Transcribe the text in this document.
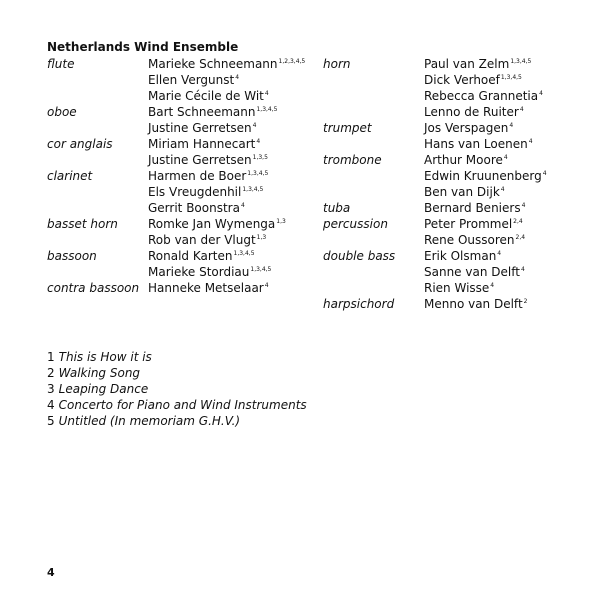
Netherlands Wind Ensemble
flute	Marieke Schneemann$^{1,2,3,4,5}$
Ellen Vergunst$^4$
Marie Cécile de Wit$^4$
oboe	Bart Schneemann$^{1,3,4,5}$
Justine Gerretsen$^4$
cor anglais	Miriam Hannecart$^4$
Justine Gerretsen$^{1,3,5}$
clarinet	Harmen de Boer$^{1,3,4,5}$
Els Vreugdenhil$^{1,3,4,5}$
Gerrit Boonstra$^4$
basset horn	Romke Jan Wymenga$^{1,3}$
Rob van der Vlugt$^{1,3}$
bassoon	Ronald Karten$^{1,3,4,5}$
Marieke Stordiau$^{1,3,4,5}$
contra bassoon Hanneke Metselaar$^4$
horn	Paul van Zelm$^{1,3,4,5}$
Dick Verhoef$^{1,3,4,5}$
Rebecca Grannetia$^4$
Lenno de Ruiter$^4$
trumpet	Jos Verspagen$^4$
Hans van Loenen$^4$
trombone	Arthur Moore$^4$
Edwin Kruunenberg$^4$
Ben van Dijk$^4$
tuba	Bernard Beniers$^4$
percussion	Peter Prommel$^{2,4}$
Rene Oussoren$^{2,4}$
double bass Erik Olsman$^4$
Sanne van Delft$^4$
Rien Wisse$^4$
harpsichord Menno van Delft$^2$
1 This is How it is
2 Walking Song
3 Leaping Dance
4 Concerto for Piano and Wind Instruments
5 Untitled (In memoriam G.H.V.)
4
